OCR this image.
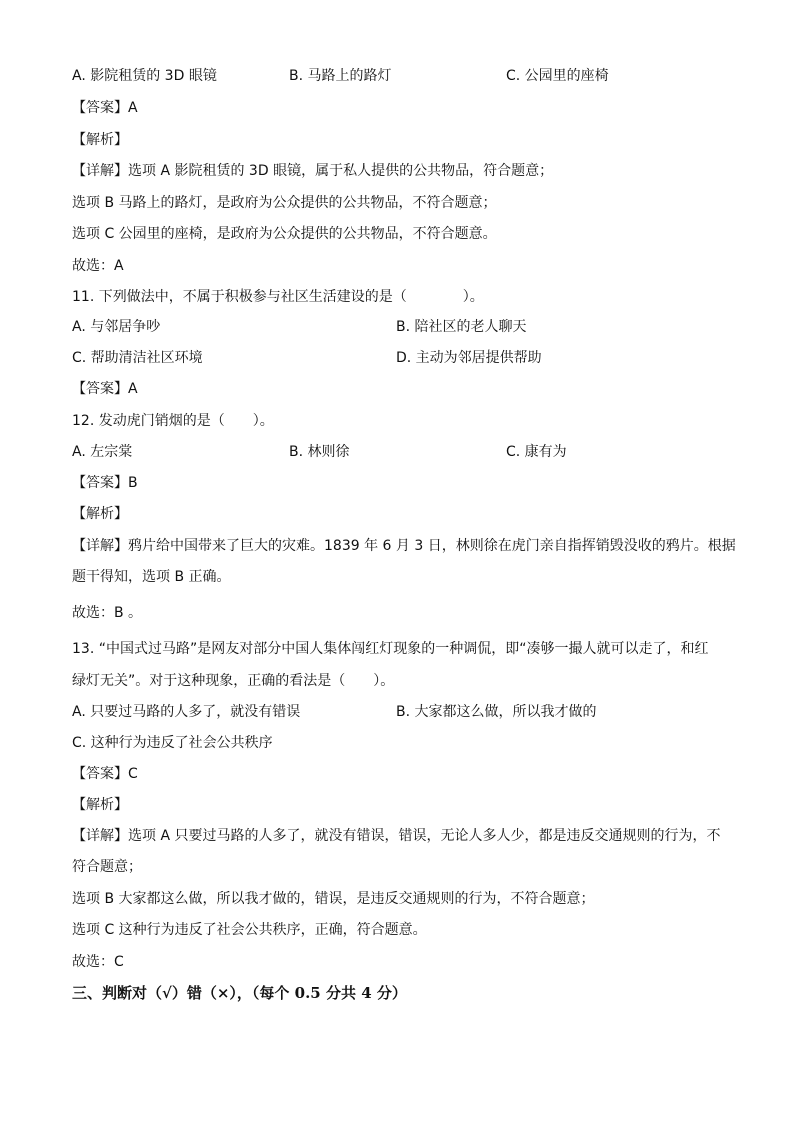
A. 影院租赁的 3D 眼镜	B. 马路上的路灯	C. 公园里的座椅
【答案】A
【解析】
【详解】选项 A 影院租赁的 3D 眼镜，属于私人提供的公共物品，符合题意；
选项 B 马路上的路灯，是政府为公众提供的公共物品，不符合题意；
选项 C 公园里的座椅，是政府为公众提供的公共物品，不符合题意。
故选：A
11. 下列做法中，不属于积极参与社区生活建设的是（　　　　）。
A. 与邻居争吵	B. 陪社区的老人聊天
C. 帮助清洁社区环境	D. 主动为邻居提供帮助
【答案】A
12. 发动虎门销烟的是（　　）。
A. 左宗棠	B. 林则徐	C. 康有为
【答案】B
【解析】
【详解】鸦片给中国带来了巨大的灾难。1839 年 6 月 3 日，林则徐在虎门亲自指挥销毁没收的鸦片。根据
题干得知，选项 B 正确。
故选：B 。
13. “中国式过马路”是网友对部分中国人集体闯红灯现象的一种调侃，即“凑够一撮人就可以走了，和红
绿灯无关”。对于这种现象，正确的看法是（　　）。
A. 只要过马路的人多了，就没有错误	B. 大家都这么做，所以我才做的
C. 这种行为违反了社会公共秩序
【答案】C
【解析】
【详解】选项 A 只要过马路的人多了，就没有错误，错误，无论人多人少，都是违反交通规则的行为，不
符合题意；
选项 B 大家都这么做，所以我才做的，错误，是违反交通规则的行为，不符合题意；
选项 C 这种行为违反了社会公共秩序，正确，符合题意。
故选：C
三、判断对（√）错（×），（每个 0.5 分共 4 分）
